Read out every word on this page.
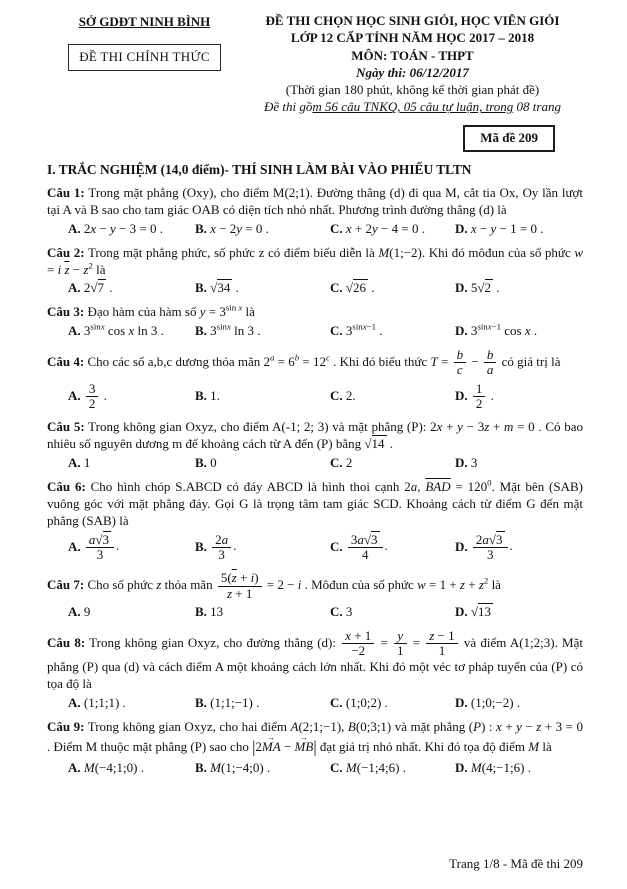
SỞ GDĐT NINH BÌNH
ĐỀ THI CHÍNH THỨC
ĐỀ THI CHỌN HỌC SINH GIỎI, HỌC VIÊN GIỎI
LỚP 12 CẤP TỈNH NĂM HỌC 2017 – 2018
MÔN: TOÁN - THPT
Ngày thi: 06/12/2017
(Thời gian 180 phút, không kể thời gian phát đề)
Đề thi gồm 56 câu TNKQ, 05 câu tự luận, trong 08 trang
Mã đề 209
I. TRẮC NGHIỆM (14,0 điểm)- THÍ SINH LÀM BÀI VÀO PHIẾU TLTN

Câu 1: Trong mặt phẳng (Oxy), cho điểm M(2;1). Đường thẳng (d) đi qua M, cắt tia Ox, Oy lần lượt tại A và B sao cho tam giác OAB có diện tích nhỏ nhất. Phương trình đường thẳng (d) là

A. 2x − y − 3 = 0 .	B. x − 2y = 0 .	C. x + 2y − 4 = 0 .	D. x − y − 1 = 0 .

Câu 2: Trong mặt phẳng phức, số phức z có điểm biểu diễn là M(1;−2). Khi đó môđun của số phức w = i $\overline{z} - z^2$ là

A. 2√7 .	B. √34 .	C. √26 .	D. 5√2 .

Câu 3: Đạo hàm của hàm số $y = 3^{sin x}$ là

A. $3^{sinx}$ cos x ln 3 .	B. $3^{sinx}$ ln 3 .	C. $3^{sinx-1}$ .	D. $3^{sinx-1}$ cos x .

Câu 4: Cho các số a,b,c dương thỏa mãn $2^a = 6^b = 12^c$ . Khi đó biểu thức $T = \frac{b}{c} - \frac{b}{a}$ có giá trị là

A. $\frac{3}{2}$ .	B. 1.	C. 2.	D. $\frac{1}{2}$ .

Câu 5: Trong không gian Oxyz, cho điểm A(-1; 2; 3) và mặt phẳng (P): 2x + y − 3z + m = 0 . Có bao nhiêu số nguyên dương m để khoảng cách từ A đến (P) bằng √14 .

A. 1	B. 0	C. 2	D. 3

Câu 6: Cho hình chóp S.ABCD có đáy ABCD là hình thoi cạnh 2a, $\overline{BAD} = 120^0$. Mặt bên (SAB) vuông góc với mặt phẳng đáy. Gọi G là trọng tâm tam giác SCD. Khoảng cách từ điểm G đến mặt phẳng (SAB) là

A. $\frac{a√3}{3}$ .	B. $\frac{2a}{3}$ .	C. $\frac{3a√3}{4}$ .	D. $\frac{2a√3}{3}$ .

Câu 7: Cho số phức z thỏa mãn $\frac{5(\overline{z} + i)}{z + 1} = 2 - i$ . Môđun của số phức $w = 1 + z + z^2$ là

A. 9	B. 13	C. 3	D. √13

Câu 8: Trong không gian Oxyz, cho đường thẳng (d): $\frac{x + 1}{-2} = \frac{y}{1} = \frac{z - 1}{1}$ và điểm A(1;2;3). Mặt phẳng (P) qua (d) và cách điểm A một khoảng cách lớn nhất. Khi đó một véc tơ pháp tuyến của (P) có tọa độ là

A. (1;1;1) .	B. (1;1;−1) .	C. (1;0;2) .	D. (1;0;−2) .

Câu 9: Trong không gian Oxyz, cho hai điểm A(2;1;−1), B(0;3;1) và mặt phẳng (P) : x + y − z + 3 = 0 . Điểm M thuộc mặt phẳng (P) sao cho |2MA → − MB →| đạt giá trị nhỏ nhất. Khi đó tọa độ điểm M là

A. M(−4;1;0) .	B. M(1;−4;0) .	C. M(−1;4;6) .	D. M(4;−1;6) .
Trang 1/8 - Mã đề thi 209
